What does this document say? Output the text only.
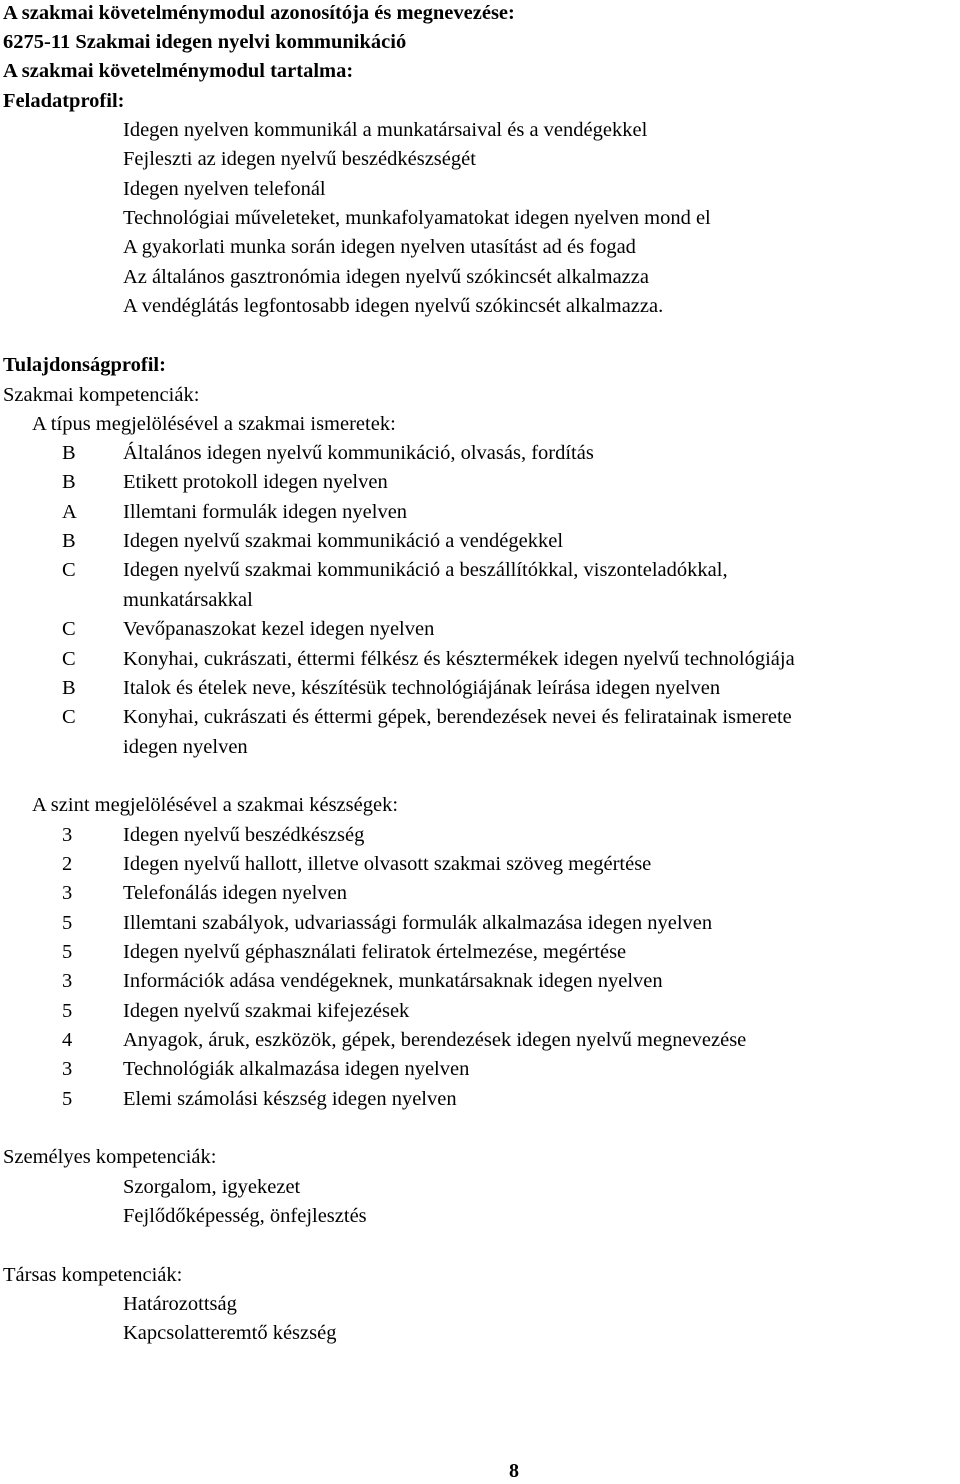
A szakmai követelménymodul azonosítója és megnevezése:
6275-11 Szakmai idegen nyelvi kommunikáció
A szakmai követelménymodul tartalma:
Feladatprofil:
Idegen nyelven kommunikál a munkatársaival és a vendégekkel
Fejleszti az idegen nyelvű beszédkészségét
Idegen nyelven telefonál
Technológiai műveleteket, munkafolyamatokat idegen nyelven mond el
A gyakorlati munka során idegen nyelven utasítást ad és fogad
Az általános gasztronómia idegen nyelvű szókincsét alkalmazza
A vendéglátás legfontosabb idegen nyelvű szókincsét alkalmazza.
Tulajdonságprofil:
Szakmai kompetenciák:
A típus megjelölésével a szakmai ismeretek:
B Általános idegen nyelvű kommunikáció, olvasás, fordítás
B Etikett protokoll idegen nyelven
A Illemtani formulák idegen nyelven
B Idegen nyelvű szakmai kommunikáció a vendégekkel
C Idegen nyelvű szakmai kommunikáció a beszállítókkal, viszonteladókkal,
munkatársakkal
C Vevőpanaszokat kezel idegen nyelven
C Konyhai, cukrászati, éttermi félkész és késztermékek idegen nyelvű technológiája
B Italok és ételek neve, készítésük technológiájának leírása idegen nyelven
C Konyhai, cukrászati és éttermi gépek, berendezések nevei és feliratainak ismerete
idegen nyelven
A szint megjelölésével a szakmai készségek:
3 Idegen nyelvű beszédkészség
2 Idegen nyelvű hallott, illetve olvasott szakmai szöveg megértése
3 Telefonálás idegen nyelven
5 Illemtani szabályok, udvariassági formulák alkalmazása idegen nyelven
5 Idegen nyelvű géphasználati feliratok értelmezése, megértése
3 Információk adása vendégeknek, munkatársaknak idegen nyelven
5 Idegen nyelvű szakmai kifejezések
4 Anyagok, áruk, eszközök, gépek, berendezések idegen nyelvű megnevezése
3 Technológiák alkalmazása idegen nyelven
5 Elemi számolási készség idegen nyelven
Személyes kompetenciák:
Szorgalom, igyekezet
Fejlődőképesség, önfejlesztés
Társas kompetenciák:
Határozottság
Kapcsolatteremtő készség
8
